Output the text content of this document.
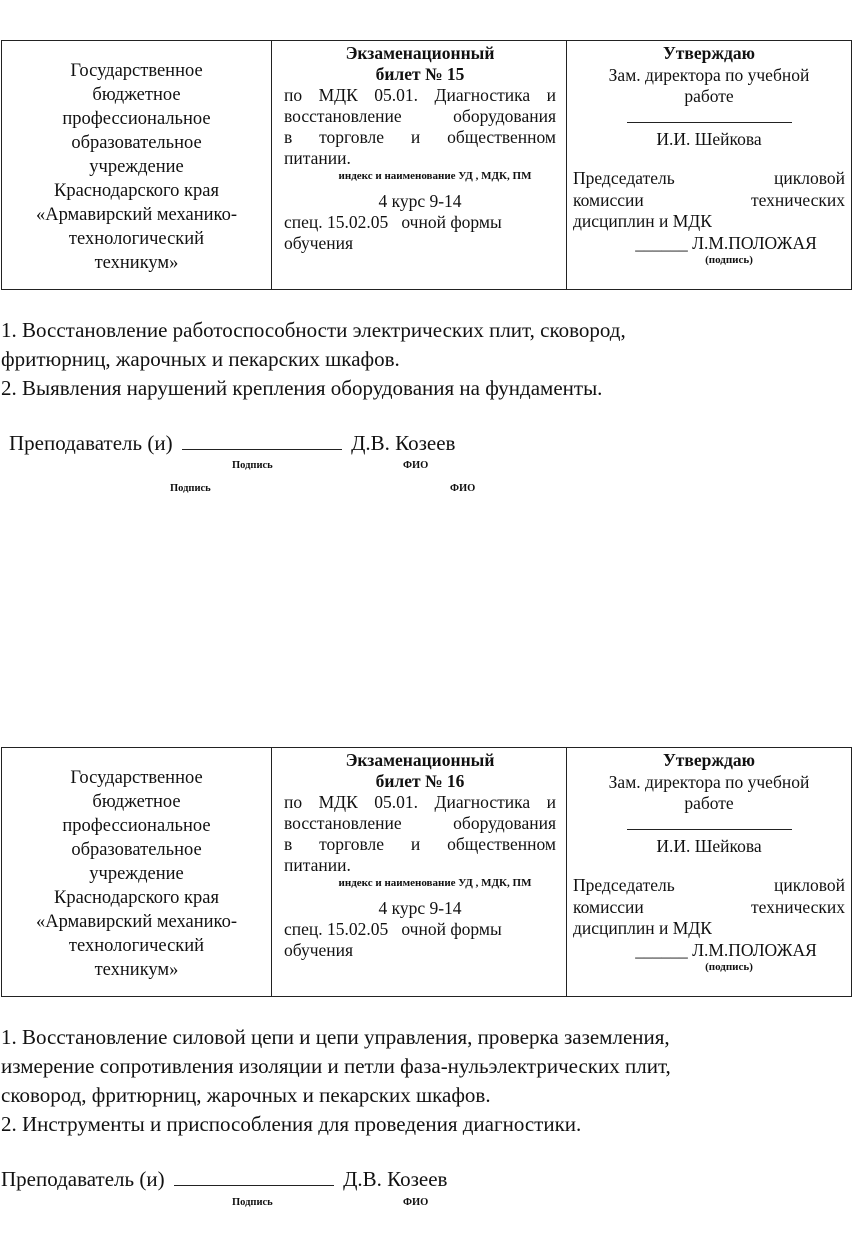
Государственное
бюджетное
профессиональное
образовательное
учреждение
Краснодарского края
«Армавирский механико-
технологический
техникум»

Экзаменационный
билет № 15
по МДК 05.01. Диагностика и
восстановление оборудования
в торговле и общественном
питании.
индекс и наименование УД , МДК, ПМ
4 курс 9-14
спец. 15.02.05   очной формы
обучения

Утверждаю
Зам. директора по учебной
работе
И.И. Шейкова
Председатель цикловой
комиссии технических
дисциплин и МДК
______ Л.М.ПОЛОЖАЯ
(подпись)
1. Восстановление работоспособности электрических плит, сковород,
фритюрниц, жарочных и пекарских шкафов.
2. Выявления нарушений крепления оборудования на фундаменты.
Преподаватель (и)	Д.В. Козеев
Подпись	ФИО
Подпись	ФИО
Государственное
бюджетное
профессиональное
образовательное
учреждение
Краснодарского края
«Армавирский механико-
технологический
техникум»

Экзаменационный
билет № 16
по МДК 05.01. Диагностика и
восстановление оборудования
в торговле и общественном
питании.
индекс и наименование УД , МДК, ПМ
4 курс 9-14
спец. 15.02.05   очной формы
обучения

Утверждаю
Зам. директора по учебной
работе
И.И. Шейкова
Председатель цикловой
комиссии технических
дисциплин и МДК
______ Л.М.ПОЛОЖАЯ
(подпись)
1. Восстановление силовой цепи и цепи управления, проверка заземления,
измерение сопротивления изоляции и петли фаза-нульэлектрических плит,
сковород, фритюрниц, жарочных и пекарских шкафов.
2. Инструменты и приспособления для проведения диагностики.
Преподаватель (и)	Д.В. Козеев
Подпись	ФИО
